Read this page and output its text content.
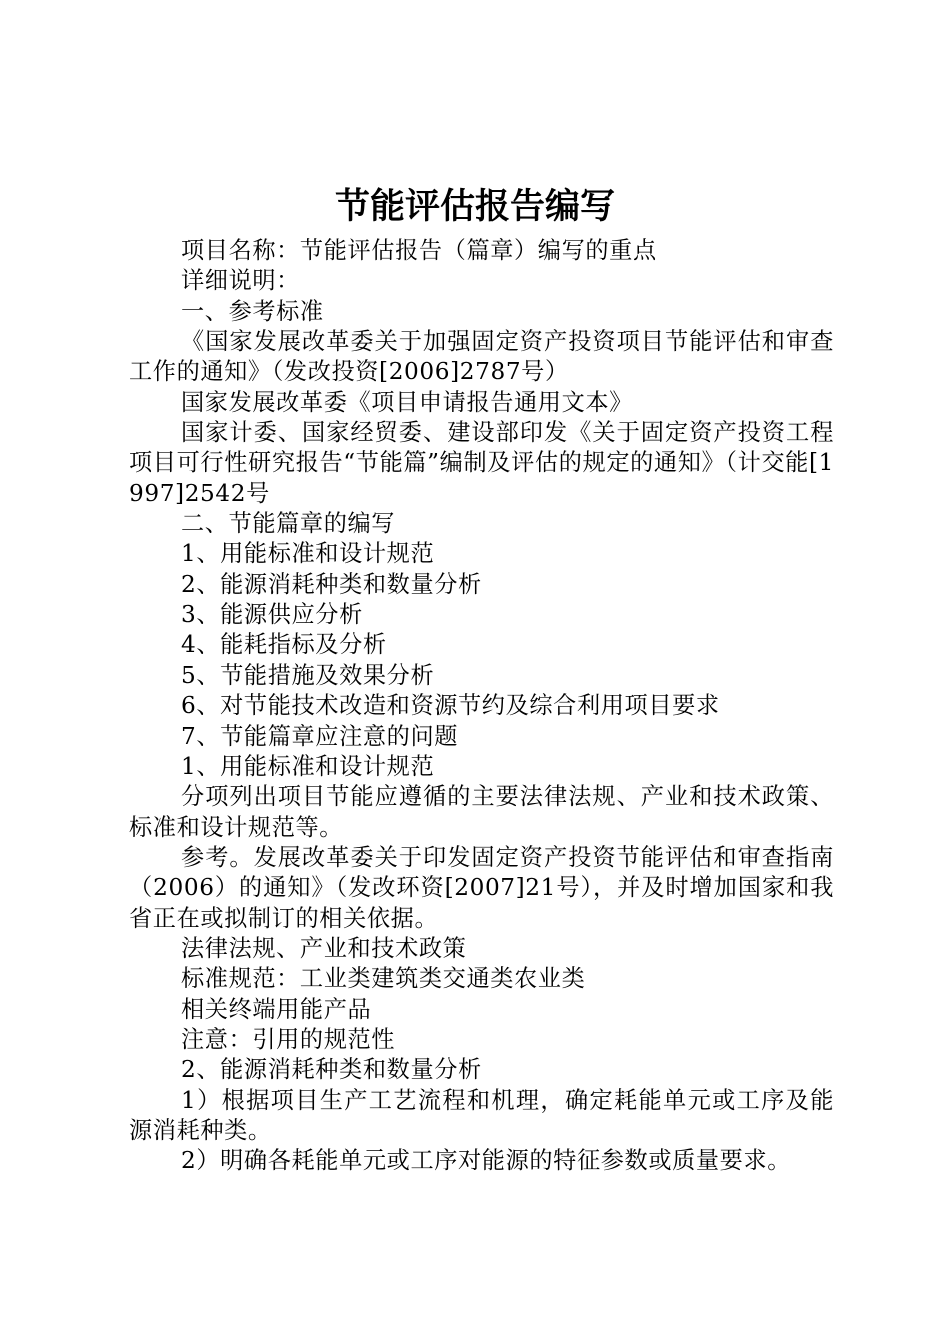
节能评估报告编写

项目名称：节能评估报告（篇章）编写的重点

详细说明：

一、参考标准

《国家发展改革委关于加强固定资产投资项目节能评估和审查工作的通知》（发改投资[2006]2787号）

国家发展改革委《项目申请报告通用文本》

国家计委、国家经贸委、建设部印发《关于固定资产投资工程项目可行性研究报告“节能篇”编制及评估的规定的通知》（计交能[1997]2542号

二、节能篇章的编写

1、用能标准和设计规范

2、能源消耗种类和数量分析

3、能源供应分析

4、能耗指标及分析

5、节能措施及效果分析

6、对节能技术改造和资源节约及综合利用项目要求

7、节能篇章应注意的问题

1、用能标准和设计规范

分项列出项目节能应遵循的主要法律法规、产业和技术政策、标准和设计规范等。

参考。发展改革委关于印发固定资产投资节能评估和审查指南（2006）的通知》（发改环资[2007]21号），并及时增加国家和我省正在或拟制订的相关依据。

法律法规、产业和技术政策

标准规范：工业类建筑类交通类农业类

相关终端用能产品

注意：引用的规范性

2、能源消耗种类和数量分析

1）根据项目生产工艺流程和机理，确定耗能单元或工序及能源消耗种类。

2）明确各耗能单元或工序对能源的特征参数或质量要求。
